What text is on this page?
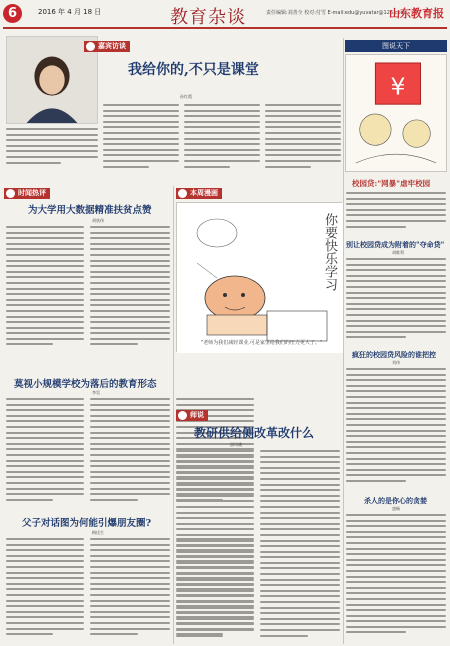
6	2016 年 4 月 18 日	教育杂谈	责任编辑:刘善全 校对:付雪 E-mail:edu@yuvatar@126.com
山东教育报
嘉宾访谈
我给你的,不只是课堂
孙红霞
时闻热评
为大学用大数据精准扶贫点赞
胡欣伟
莫视小规模学校为落后的教育形态
李昊
父子对话图为何能引爆朋友圈?
梅佳生
本周漫画
你要快乐学习
"老师为我们减轻课业,可是家里给我们的压力更大了。"
师说
教研供给侧改革改什么
邵凤娥
图说天下
¥
校园贷:"网暴"虐牢校园
别让校园贷成为附着的"夺命贷"
胡维利
疯狂的校园贷风险的谁把控
刘伟
杀人的是你心的贪婪
盛畅
